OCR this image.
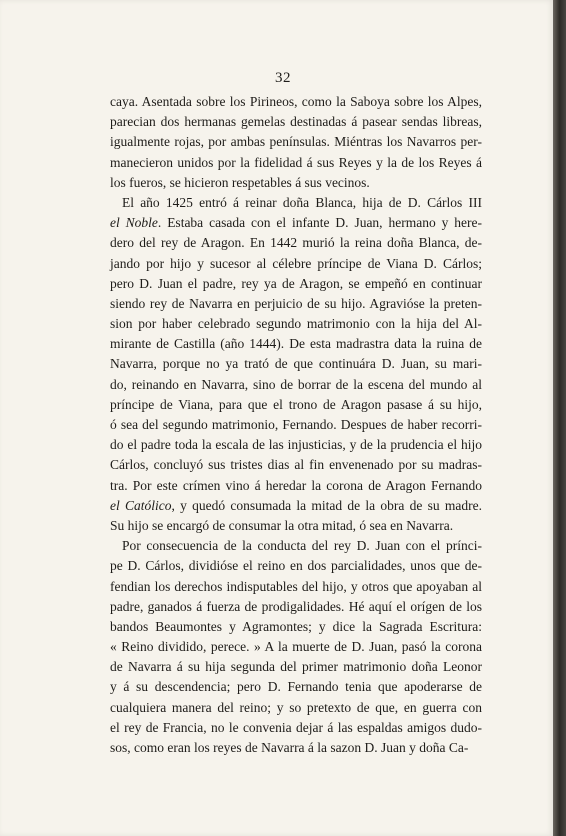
32
caya. Asentada sobre los Pirineos, como la Saboya sobre los Alpes,
parecian dos hermanas gemelas destinadas á pasear sendas libreas,
igualmente rojas, por ambas penínsulas. Miéntras los Navarros per-
manecieron unidos por la fidelidad á sus Reyes y la de los Reyes á
los fueros, se hicieron respetables á sus vecinos.
El año 1425 entró á reinar doña Blanca, hija de D. Cárlos III
el Noble. Estaba casada con el infante D. Juan, hermano y here-
dero del rey de Aragon. En 1442 murió la reina doña Blanca, de-
jando por hijo y sucesor al célebre príncipe de Viana D. Cárlos;
pero D. Juan el padre, rey ya de Aragon, se empeñó en continuar
siendo rey de Navarra en perjuicio de su hijo. Agravióse la preten-
sion por haber celebrado segundo matrimonio con la hija del Al-
mirante de Castilla (año 1444). De esta madrastra data la ruina de
Navarra, porque no ya trató de que continuára D. Juan, su mari-
do, reinando en Navarra, sino de borrar de la escena del mundo al
príncipe de Viana, para que el trono de Aragon pasase á su hijo,
ó sea del segundo matrimonio, Fernando. Despues de haber recorri-
do el padre toda la escala de las injusticias, y de la prudencia el hijo
Cárlos, concluyó sus tristes dias al fin envenenado por su madras-
tra. Por este crímen vino á heredar la corona de Aragon Fernando
el Católico, y quedó consumada la mitad de la obra de su madre.
Su hijo se encargó de consumar la otra mitad, ó sea en Navarra.
Por consecuencia de la conducta del rey D. Juan con el prínci-
pe D. Cárlos, dividióse el reino en dos parcialidades, unos que de-
fendian los derechos indisputables del hijo, y otros que apoyaban al
padre, ganados á fuerza de prodigalidades. Hé aquí el orígen de los
bandos Beaumontes y Agramontes; y dice la Sagrada Escritura:
« Reino dividido, perece. » A la muerte de D. Juan, pasó la corona
de Navarra á su hija segunda del primer matrimonio doña Leonor
y á su descendencia; pero D. Fernando tenia que apoderarse de
cualquiera manera del reino; y so pretexto de que, en guerra con
el rey de Francia, no le convenia dejar á las espaldas amigos dudo-
sos, como eran los reyes de Navarra á la sazon D. Juan y doña Ca-
